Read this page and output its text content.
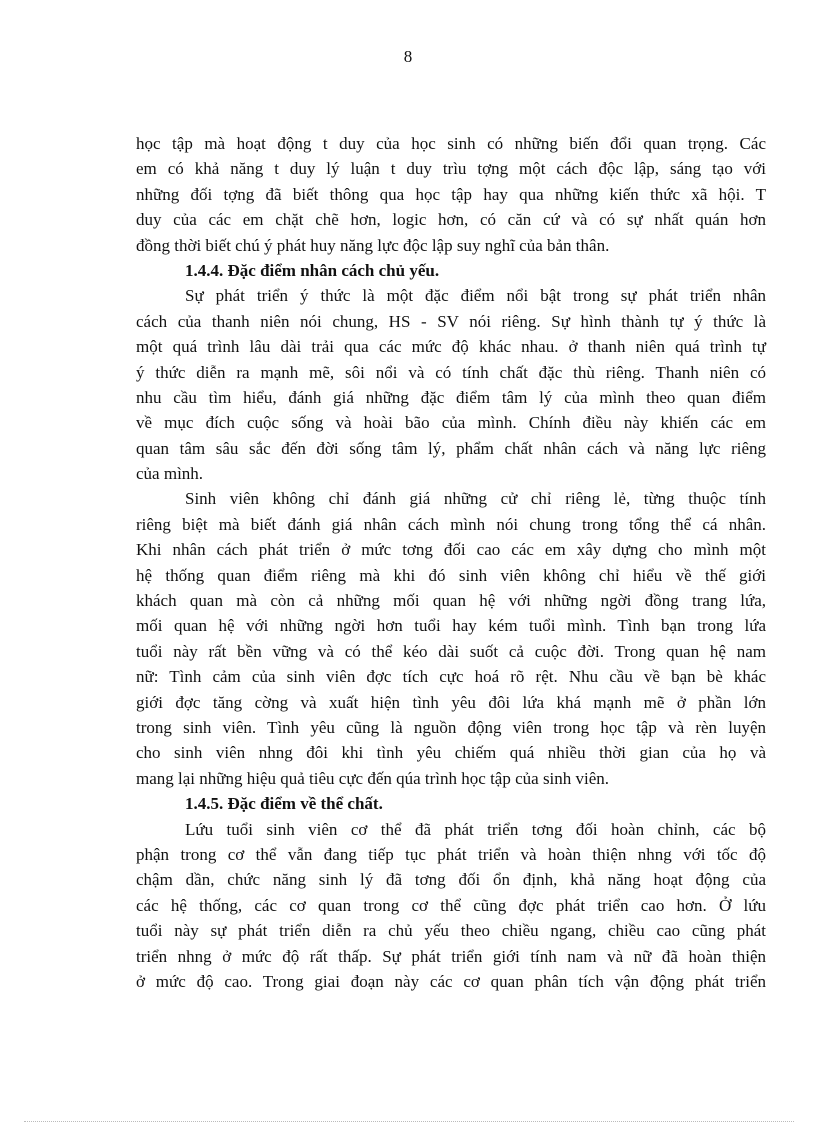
8
học tập mà hoạt động t duy của học sinh có những biến đổi quan trọng. Các
em có khả năng t duy lý luận t duy trìu tợng một cách độc lập, sáng tạo với
những đối tợng đã biết thông qua học tập hay qua những kiến thức xã hội. T
duy của các em chặt chẽ hơn, logic hơn, có căn cứ và có sự nhất quán hơn
đồng thời biết chú ý phát huy năng lực độc lập suy nghĩ của bản thân.
1.4.4. Đặc điểm nhân cách chủ yếu.
Sự phát triển ý thức là một đặc điểm nổi bật trong sự phát triển nhân
cách của thanh niên nói chung, HS - SV nói riêng. Sự hình thành tự ý thức là
một quá trình lâu dài trải qua các mức độ khác nhau. ở thanh niên quá trình tự
ý thức diễn ra mạnh mẽ, sôi nổi và có tính chất đặc thù riêng. Thanh niên có
nhu cầu tìm hiểu, đánh giá những đặc điểm tâm lý của mình theo quan điểm
về mục đích cuộc sống và hoài bão của mình. Chính điều này khiến các em
quan tâm sâu sắc đến đời sống tâm lý, phẩm chất nhân cách và năng lực riêng
của mình.
Sinh viên không chỉ đánh giá những cử chỉ riêng lẻ, từng thuộc tính
riêng biệt mà biết đánh giá nhân cách mình nói chung trong tổng thể cá nhân.
Khi nhân cách phát triển ở mức tơng đối cao các em xây dựng cho mình một
hệ thống quan điểm riêng mà khi đó sinh viên không chỉ hiểu về thế giới
khách quan mà còn cả những mối quan hệ với những ngời đồng trang lứa,
mối quan hệ với những ngời hơn tuổi hay kém tuổi mình. Tình bạn trong lứa
tuổi này rất bền vững và có thể kéo dài suốt cả cuộc đời. Trong quan hệ nam
nữ: Tình cảm của sinh viên đợc tích cực hoá rõ rệt. Nhu cầu về bạn bè khác
giới đợc tăng cờng và xuất hiện tình yêu đôi lứa khá mạnh mẽ ở phần lớn
trong sinh viên. Tình yêu cũng là nguồn động viên trong học tập và rèn luyện
cho sinh viên nhng đôi khi tình yêu chiếm quá nhiều thời gian của họ và
mang lại những hiệu quả tiêu cực đến qúa trình học tập của sinh viên.
1.4.5. Đặc điểm về thể chất.
Lứu tuổi sinh viên cơ thể đã phát triển tơng đối hoàn chỉnh, các bộ
phận trong cơ thể vẫn đang tiếp tục phát triển và hoàn thiện nhng với tốc độ
chậm dần, chức năng sinh lý đã tơng đối ổn định, khả năng hoạt động của
các hệ thống, các cơ quan trong cơ thể cũng đợc phát triển cao hơn. Ở lứu
tuổi này sự phát triển diễn ra chủ yếu theo chiều ngang, chiều cao cũng phát
triển nhng ở mức độ rất thấp. Sự phát triển giới tính nam và nữ đã hoàn thiện
ở mức độ cao. Trong giai đoạn này các cơ quan phân tích vận động phát triển
